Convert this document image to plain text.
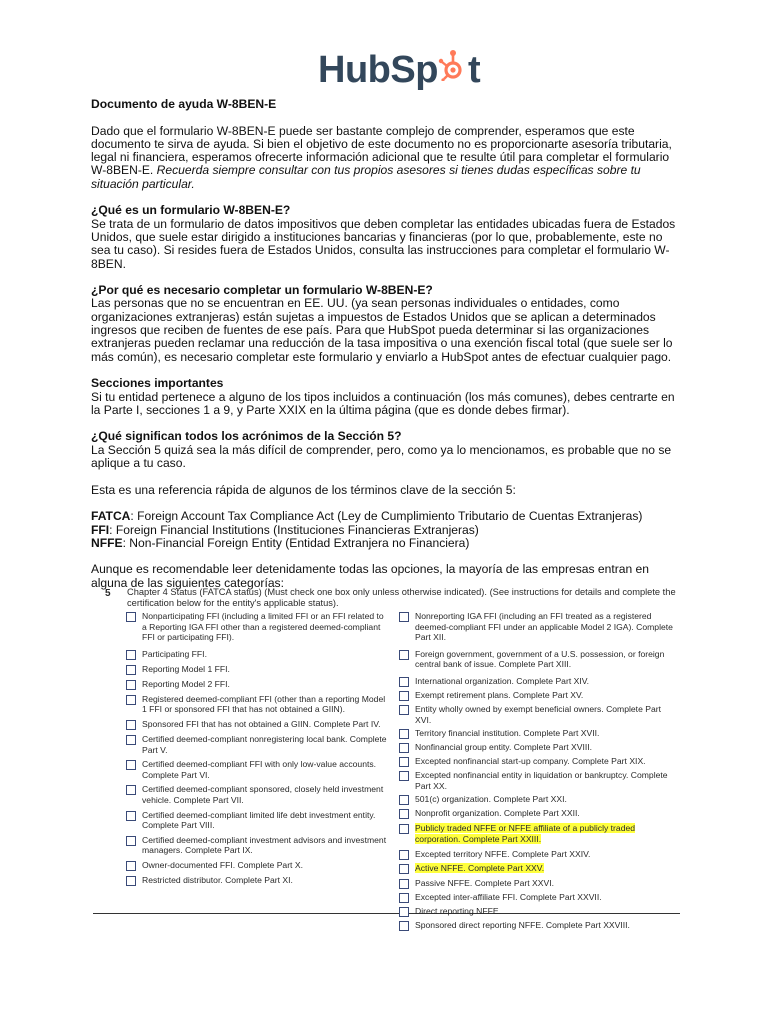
HubSp t

Documento de ayuda W-8BEN-E

Dado que el formulario W-8BEN-E puede ser bastante complejo de comprender, esperamos que este documento te sirva de ayuda. Si bien el objetivo de este documento no es proporcionarte asesoría tributaria, legal ni financiera, esperamos ofrecerte información adicional que te resulte útil para completar el formulario W-8BEN-E. Recuerda siempre consultar con tus propios asesores si tienes dudas específicas sobre tu situación particular.

¿Qué es un formulario W-8BEN-E?

Se trata de un formulario de datos impositivos que deben completar las entidades ubicadas fuera de Estados Unidos, que suele estar dirigido a instituciones bancarias y financieras (por lo que, probablemente, este no sea tu caso). Si resides fuera de Estados Unidos, consulta las instrucciones para completar el formulario W-8BEN.

¿Por qué es necesario completar un formulario W-8BEN-E?

Las personas que no se encuentran en EE. UU. (ya sean personas individuales o entidades, como organizaciones extranjeras) están sujetas a impuestos de Estados Unidos que se aplican a determinados ingresos que reciben de fuentes de ese país. Para que HubSpot pueda determinar si las organizaciones extranjeras pueden reclamar una reducción de la tasa impositiva o una exención fiscal total (que suele ser lo más común), es necesario completar este formulario y enviarlo a HubSpot antes de efectuar cualquier pago.

Secciones importantes

Si tu entidad pertenece a alguno de los tipos incluidos a continuación (los más comunes), debes centrarte en la Parte I, secciones 1 a 9, y Parte XXIX en la última página (que es donde debes firmar).

¿Qué significan todos los acrónimos de la Sección 5?

La Sección 5 quizá sea la más difícil de comprender, pero, como ya lo mencionamos, es probable que no se aplique a tu caso.

Esta es una referencia rápida de algunos de los términos clave de la sección 5:

FATCA: Foreign Account Tax Compliance Act (Ley de Cumplimiento Tributario de Cuentas Extranjeras)

FFI: Foreign Financial Institutions (Instituciones Financieras Extranjeras)

NFFE: Non-Financial Foreign Entity (Entidad Extranjera no Financiera)

Aunque es recomendable leer detenidamente todas las opciones, la mayoría de las empresas entran en alguna de las siguientes categorías:

5 Chapter 4 Status (FATCA status) (Must check one box only unless otherwise indicated). (See instructions for details and complete the certification below for the entity's applicable status).
Nonparticipating FFI (including a limited FFI or an FFI related to a Reporting IGA FFI other than a registered deemed-compliant FFI or participating FFI).
Participating FFI.
Reporting Model 1 FFI.
Reporting Model 2 FFI.
Registered deemed-compliant FFI (other than a reporting Model 1 FFI or sponsored FFI that has not obtained a GIIN).
Sponsored FFI that has not obtained a GIIN. Complete Part IV.
Certified deemed-compliant nonregistering local bank. Complete Part V.
Certified deemed-compliant FFI with only low-value accounts. Complete Part VI.
Certified deemed-compliant sponsored, closely held investment vehicle. Complete Part VII.
Certified deemed-compliant limited life debt investment entity. Complete Part VIII.
Certified deemed-compliant investment advisors and investment managers. Complete Part IX.
Owner-documented FFI. Complete Part X.
Restricted distributor. Complete Part XI.
Nonreporting IGA FFI (including an FFI treated as a registered deemed-compliant FFI under an applicable Model 2 IGA). Complete Part XII.
Foreign government, government of a U.S. possession, or foreign central bank of issue. Complete Part XIII.
International organization. Complete Part XIV.
Exempt retirement plans. Complete Part XV.
Entity wholly owned by exempt beneficial owners. Complete Part XVI.
Territory financial institution. Complete Part XVII.
Nonfinancial group entity. Complete Part XVIII.
Excepted nonfinancial start-up company. Complete Part XIX.
Excepted nonfinancial entity in liquidation or bankruptcy. Complete Part XX.
501(c) organization. Complete Part XXI.
Nonprofit organization. Complete Part XXII.
Publicly traded NFFE or NFFE affiliate of a publicly traded corporation. Complete Part XXIII.
Excepted territory NFFE. Complete Part XXIV.
Active NFFE. Complete Part XXV.
Passive NFFE. Complete Part XXVI.
Excepted inter-affiliate FFI. Complete Part XXVII.
Direct reporting NFFE.
Sponsored direct reporting NFFE. Complete Part XXVIII.
